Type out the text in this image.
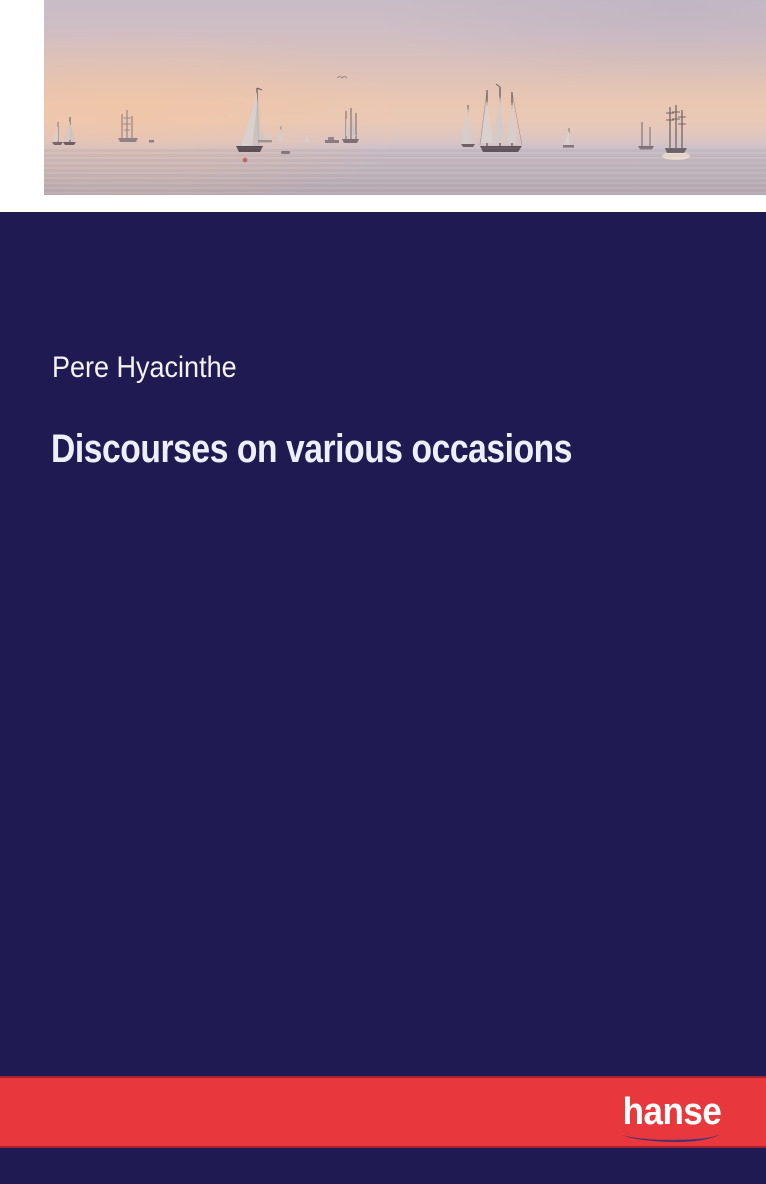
Pere Hyacinthe
Discourses on various occasions
hanse
